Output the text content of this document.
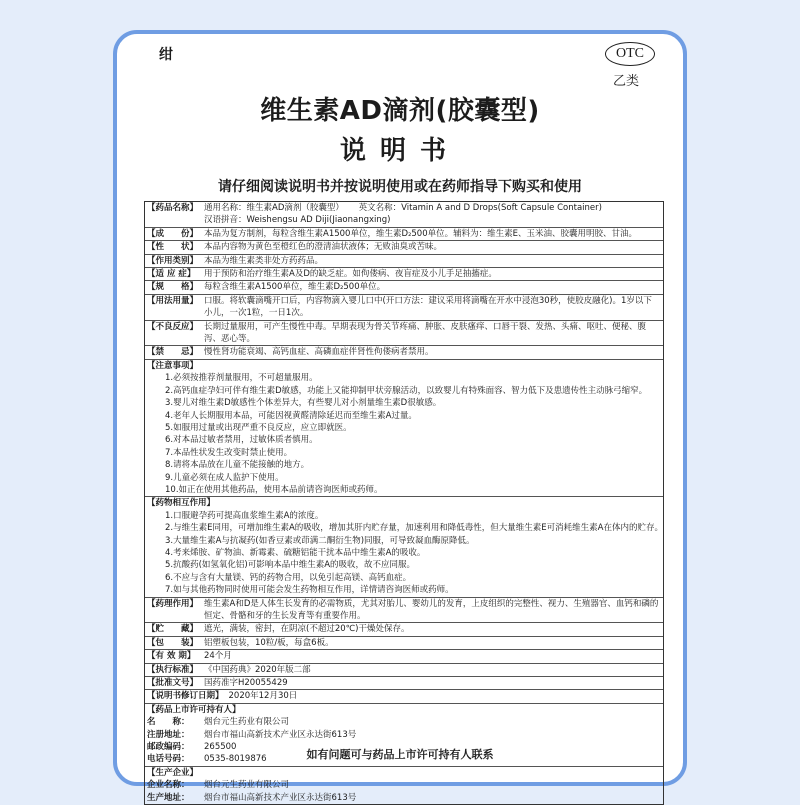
绀	OTC
乙类
维生素AD滴剂(胶囊型)
说明书
请仔细阅读说明书并按说明使用或在药师指导下购买和使用
【药品名称】 通用名称：维生素AD滴剂（胶囊型） 英文名称：Vitamin A and D Drops(Soft Capsule Container)
汉语拼音：Weishengsu AD Diji(Jiaonangxing)
【成　　份】 本品为复方制剂，每粒含维生素A1500单位，维生素D₂500单位。辅料为：维生素E、玉米油、胶囊用明胶、甘油。
【性　　状】 本品内容物为黄色至橙红色的澄清油状液体；无败油臭或苦味。
【作用类别】 本品为维生素类非处方药药品。
【适 应 症】	用于预防和治疗维生素A及D的缺乏症。如佝偻病、夜盲症及小儿手足抽搐症。
【规　　格】 每粒含维生素A1500单位，维生素D₂500单位。
【用法用量】 口服。将软囊滴嘴开口后，内容物滴入婴儿口中(开口方法：建议采用将滴嘴在开水中浸泡30秒，使胶皮融化)。1岁以下小儿，一次1粒，一日1次。
【不良反应】 长期过量服用，可产生慢性中毒。早期表现为骨关节疼痛、肿胀、皮肤瘙痒、口唇干裂、发热、头痛、呕吐、便秘、腹泻、恶心等。
【禁　　忌】 慢性肾功能衰竭、高钙血症、高磷血症伴肾性佝偻病者禁用。
【注意事项】
1.必须按推荐剂量服用，不可超量服用。
2.高钙血症孕妇可伴有维生素D敏感，功能上又能抑制甲状旁腺活动，以致婴儿有特殊面容、智力低下及患遗传性主动脉弓缩窄。
3.婴儿对维生素D敏感性个体差异大，有些婴儿对小剂量维生素D很敏感。
4.老年人长期服用本品，可能因视黄醛清除延迟而至维生素A过量。
5.如服用过量或出现严重不良反应，应立即就医。
6.对本品过敏者禁用，过敏体质者慎用。
7.本品性状发生改变时禁止使用。
8.请将本品放在儿童不能接触的地方。
9.儿童必须在成人监护下使用。
10.如正在使用其他药品，使用本品前请咨询医师或药师。
【药物相互作用】
1.口服避孕药可提高血浆维生素A的浓度。
2.与维生素E同用，可增加维生素A的吸收，增加其肝内贮存量，加速利用和降低毒性，但大量维生素E可消耗维生素A在体内的贮存。
3.大量维生素A与抗凝药(如香豆素或茚满二酮衍生物)同服，可导致凝血酶原降低。
4.考来烯胺、矿物油、新霉素、硫糖铝能干扰本品中维生素A的吸收。
5.抗酸药(如氢氧化铝)可影响本品中维生素A的吸收，故不应同服。
6.不应与含有大量镁、钙的药物合用，以免引起高镁、高钙血症。
7.如与其他药物同时使用可能会发生药物相互作用，详情请咨询医师或药师。
【药理作用】 维生素A和D是人体生长发育的必需物质，尤其对胎儿、婴幼儿的发育，上皮组织的完整性、视力、生殖器官、血钙和磷的恒定、骨骼和牙的生长发育等有重要作用。
【贮　　藏】 遮光，满装，密封，在阴凉(不超过20℃)干燥处保存。
【包　　装】 铝塑板包装，10粒/板，每盒6板。
【有 效 期】	24个月
【执行标准】 《中国药典》2020年版二部
【批准文号】 国药准字H20055429
【说明书修订日期】 2020年12月30日
【药品上市许可持有人】
名　　称：	烟台元生药业有限公司
注册地址：	烟台市福山高新技术产业区永达街613号
邮政编码：	265500
电话号码：	0535-8019876
【生产企业】
企业名称：	烟台元生药业有限公司
生产地址：	烟台市福山高新技术产业区永达街613号
如有问题可与药品上市许可持有人联系
